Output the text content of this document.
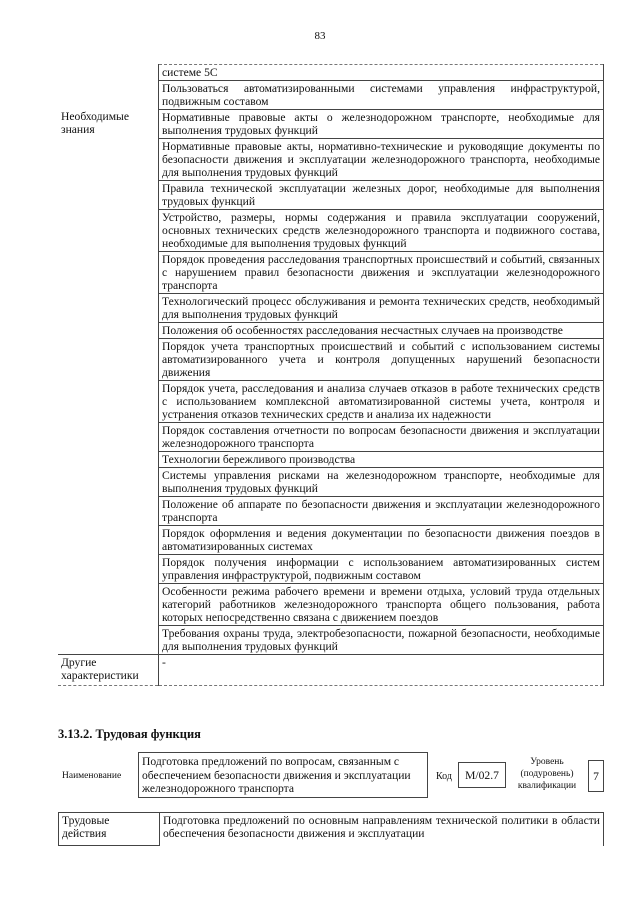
83
Необходимые знания	системе 5С
	Пользоваться автоматизированными системами управления инфраструктурой, подвижным составом
	Нормативные правовые акты о железнодорожном транспорте, необходимые для выполнения трудовых функций
	Нормативные правовые акты, нормативно-технические и руководящие документы по безопасности движения и эксплуатации железнодорожного транспорта, необходимые для выполнения трудовых функций
	Правила технической эксплуатации железных дорог, необходимые для выполнения трудовых функций
	Устройство, размеры, нормы содержания и правила эксплуатации сооружений, основных технических средств железнодорожного транспорта и подвижного состава, необходимые для выполнения трудовых функций
	Порядок проведения расследования транспортных происшествий и событий, связанных с нарушением правил безопасности движения и эксплуатации железнодорожного транспорта
	Технологический процесс обслуживания и ремонта технических средств, необходимый для выполнения трудовых функций
	Положения об особенностях расследования несчастных случаев на производстве
	Порядок учета транспортных происшествий и событий с использованием системы автоматизированного учета и контроля допущенных нарушений безопасности движения
	Порядок учета, расследования и анализа случаев отказов в работе технических средств с использованием комплексной автоматизированной системы учета, контроля и устранения отказов технических средств и анализа их надежности
	Порядок составления отчетности по вопросам безопасности движения и эксплуатации железнодорожного транспорта
	Технологии бережливого производства
	Системы управления рисками на железнодорожном транспорте, необходимые для выполнения трудовых функций
	Положение об аппарате по безопасности движения и эксплуатации железнодорожного транспорта
	Порядок оформления и ведения документации по безопасности движения поездов в автоматизированных системах
	Порядок получения информации с использованием автоматизированных систем управления инфраструктурой, подвижным составом
	Особенности режима рабочего времени и времени отдыха, условий труда отдельных категорий работников железнодорожного транспорта общего пользования, работа которых непосредственно связана с движением поездов
	Требования охраны труда, электробезопасности, пожарной безопасности, необходимые для выполнения трудовых функций
Другие характеристики	-
3.13.2. Трудовая функция
Наименование
Подготовка предложений по вопросам, связанным с обеспечением безопасности движения и эксплуатации железнодорожного транспорта
Код	М/02.7
Уровень (подуровень) квалификации
7
Трудовые действия	Подготовка предложений по основным направлениям технической политики в области обеспечения безопасности движения и эксплуатации
